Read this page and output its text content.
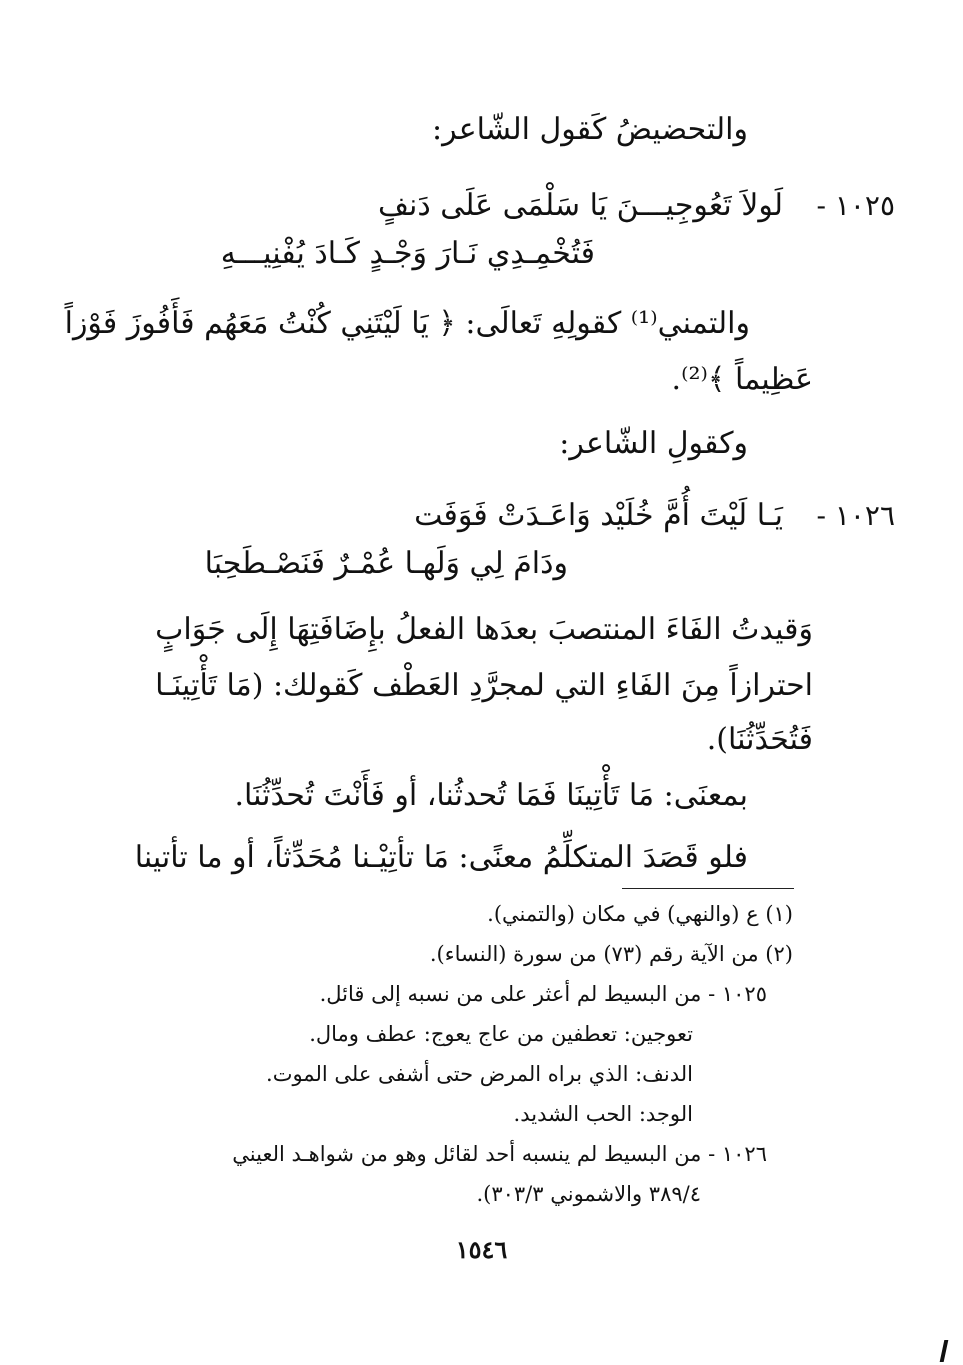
والتحضيضُ كَقول الشّاعر:
١٠٢٥ -
لَولاَ تَعُوجِيـــنَ يَا سَلْمَى عَلَى دَنفٍ
فَتُخْمِـدِي نَـارَ وَجْـدٍ كَـادَ يُفْنِيـــهِ
والتمني⁽¹⁾ كقولِهِ تَعالَى: ﴿ يَا لَيْتَنِي كُنْتُ مَعَهُم فَأَفُوزَ فَوْزاً
عَظِيماً ﴾⁽²⁾.
وكقولِ الشّاعر:
١٠٢٦ -
يَـا لَيْتَ أُمَّ خُلَيْد وَاعَـدَتْ فَوَفَت
ودَامَ لِي وَلَهـا عُمْـرٌ فَنَصْـطَحِبَا
وَقيدتُ الفَاءَ المنتصبَ بعدَها الفعلُ بإِضَافَتِهَا إِلَى جَوَابٍ
احترازاً مِنَ الفَاءِ التي لمجرَّدِ العَطْف كَقولك: (مَا تَأْتِينَـا
فَتُحَدِّثُنَا).
بمعنَى: مَا تَأْتِينَا فَمَا تُحدثُنا، أو فَأَنْتَ تُحدِّثُنَا.
فلو قَصَدَ المتكلِّمُ معنًى: مَا تأتِيْـنا مُحَدِّثاً، أو ما تأتينا
(١) ع (والنهي) في مكان (والتمني).
(٢) من الآية رقم (٧٣) من سورة (النساء).
١٠٢٥ - من البسيط لم أعثر على من نسبه إلى قائل.
تعوجين: تعطفين من عاج يعوج: عطف ومال.
الدنف: الذي براه المرض حتى أشفى على الموت.
الوجد: الحب الشديد.
١٠٢٦ - من البسيط لم ينسبه أحد لقائل وهو من شواهـد العيني
٣٨٩/٤ والاشموني ٣٠٣/٣).
١٥٤٦
